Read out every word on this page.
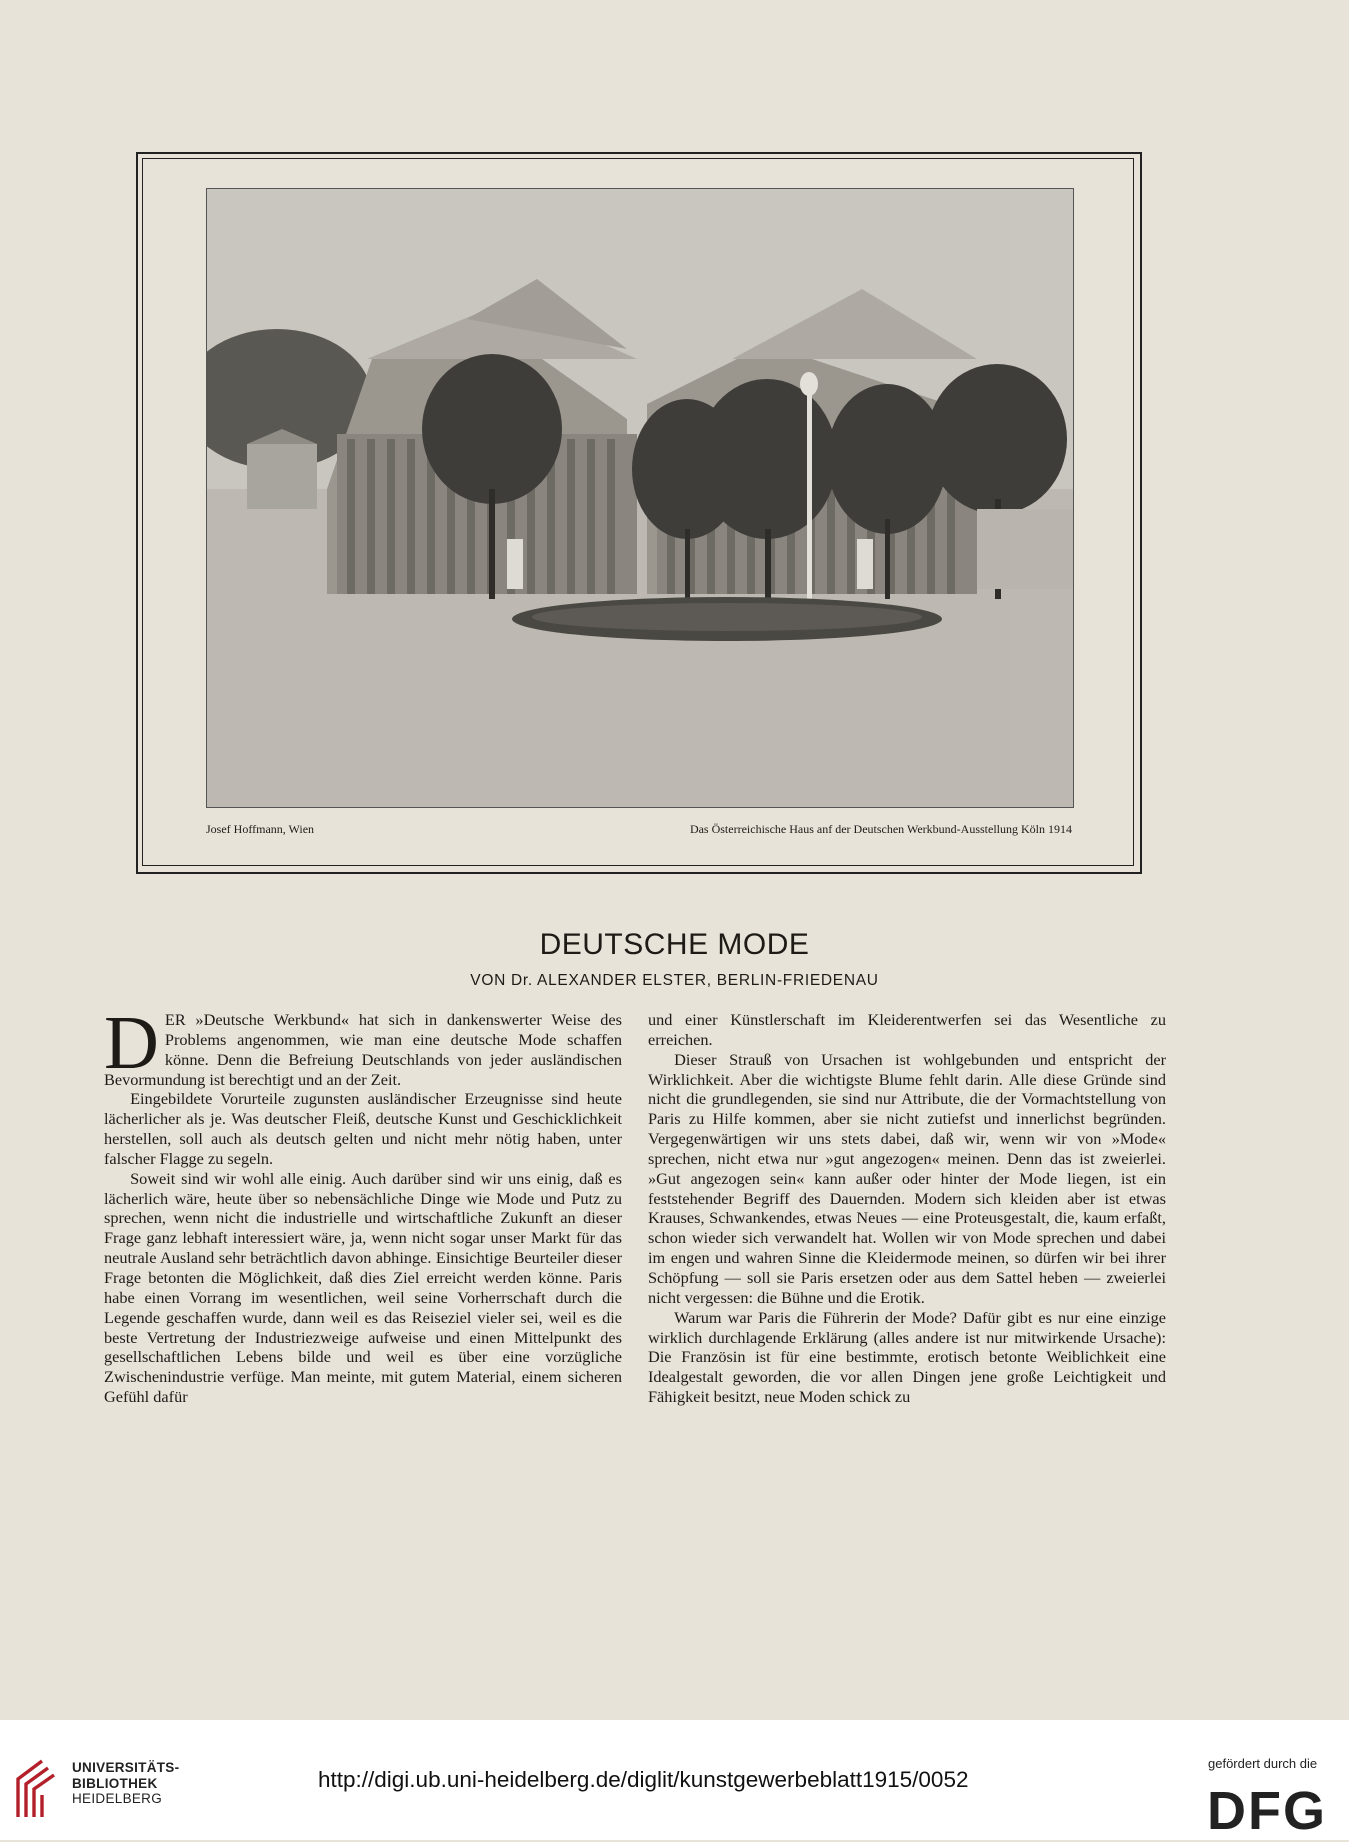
Josef Hoffmann, Wien	Das Österreichische Haus anf der Deutschen Werkbund-Ausstellung Köln 1914
DEUTSCHE MODE
VON Dr. ALEXANDER ELSTER, BERLIN-FRIEDENAU

DER »Deutsche Werkbund« hat sich in dankenswerter Weise des Problems angenommen, wie man eine deutsche Mode schaffen könne. Denn die Befreiung Deutschlands von jeder ausländischen Bevormundung ist berechtigt und an der Zeit.

Eingebildete Vorurteile zugunsten ausländischer Erzeugnisse sind heute lächerlicher als je. Was deutscher Fleiß, deutsche Kunst und Geschicklichkeit herstellen, soll auch als deutsch gelten und nicht mehr nötig haben, unter falscher Flagge zu segeln.

Soweit sind wir wohl alle einig. Auch darüber sind wir uns einig, daß es lächerlich wäre, heute über so nebensächliche Dinge wie Mode und Putz zu sprechen, wenn nicht die industrielle und wirtschaftliche Zukunft an dieser Frage ganz lebhaft interessiert wäre, ja, wenn nicht sogar unser Markt für das neutrale Ausland sehr beträchtlich davon abhinge. Einsichtige Beurteiler dieser Frage betonten die Möglichkeit, daß dies Ziel erreicht werden könne. Paris habe einen Vorrang im wesentlichen, weil seine Vorherrschaft durch die Legende geschaffen wurde, dann weil es das Reiseziel vieler sei, weil es die beste Vertretung der Industriezweige aufweise und einen Mittelpunkt des gesellschaftlichen Lebens bilde und weil es über eine vorzügliche Zwischenindustrie verfüge. Man meinte, mit gutem Material, einem sicheren Gefühl dafür

und einer Künstlerschaft im Kleiderentwerfen sei das Wesentliche zu erreichen.

Dieser Strauß von Ursachen ist wohlgebunden und entspricht der Wirklichkeit. Aber die wichtigste Blume fehlt darin. Alle diese Gründe sind nicht die grundlegenden, sie sind nur Attribute, die der Vormachtstellung von Paris zu Hilfe kommen, aber sie nicht zutiefst und innerlichst begründen. Vergegenwärtigen wir uns stets dabei, daß wir, wenn wir von »Mode« sprechen, nicht etwa nur »gut angezogen« meinen. Denn das ist zweierlei. »Gut angezogen sein« kann außer oder hinter der Mode liegen, ist ein feststehender Begriff des Dauernden. Modern sich kleiden aber ist etwas Krauses, Schwankendes, etwas Neues — eine Proteusgestalt, die, kaum erfaßt, schon wieder sich verwandelt hat. Wollen wir von Mode sprechen und dabei im engen und wahren Sinne die Kleidermode meinen, so dürfen wir bei ihrer Schöpfung — soll sie Paris ersetzen oder aus dem Sattel heben — zweierlei nicht vergessen: die Bühne und die Erotik.

Warum war Paris die Führerin der Mode? Dafür gibt es nur eine einzige wirklich durchlagende Erklärung (alles andere ist nur mitwirkende Ursache): Die Französin ist für eine bestimmte, erotisch betonte Weiblichkeit eine Idealgestalt geworden, die vor allen Dingen jene große Leichtigkeit und Fähigkeit besitzt, neue Moden schick zu

UNIVERSITÄTS-
BIBLIOTHEK
HEIDELBERG
http://digi.ub.uni-heidelberg.de/diglit/kunstgewerbeblatt1915/0052
gefördert durch die
DFG
